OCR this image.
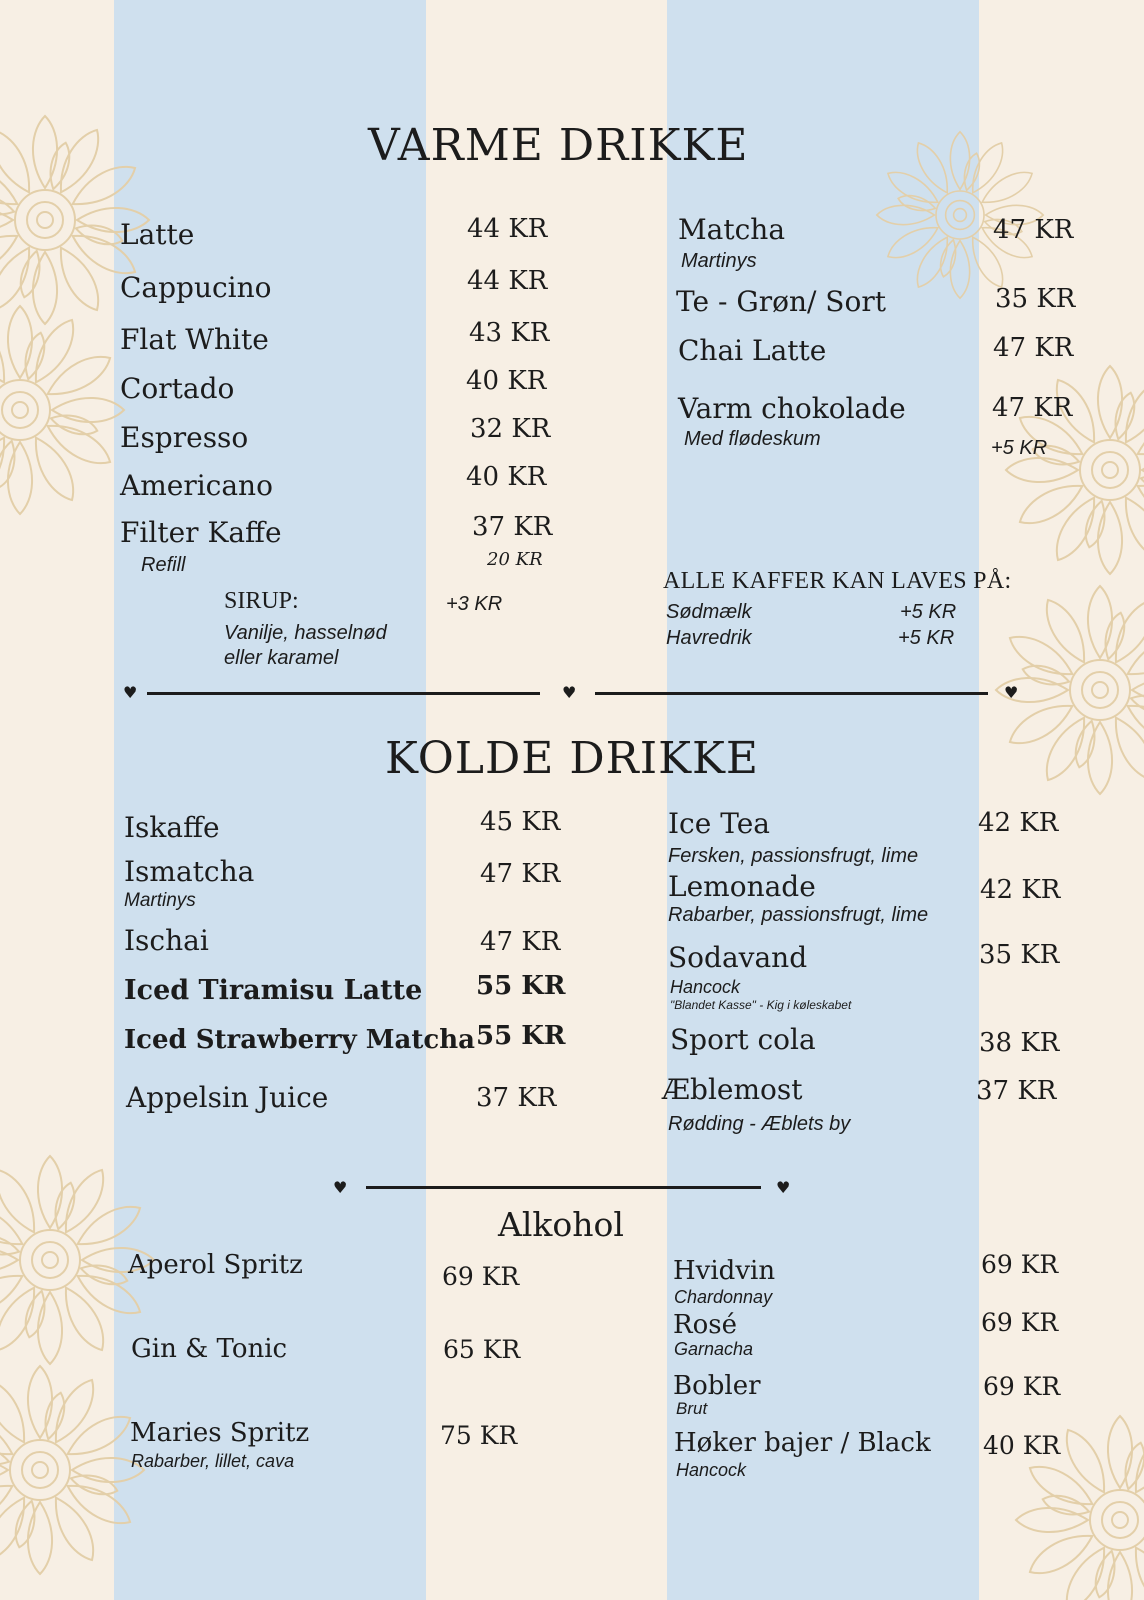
VARME DRIKKE
Latte	44 KR
Cappucino	44 KR
Flat White	43 KR
Cortado	40 KR
Espresso	32 KR
Americano	40 KR
Filter Kaffe	37 KR
Refill	20 KR
SIRUP:	+3 KR
Vanilje, hasselnød
eller karamel
Matcha	47 KR
Martinys
Te - Grøn/ Sort	35 KR
Chai Latte	47 KR
Varm chokolade	47 KR
Med flødeskum	+5 KR
ALLE KAFFER KAN LAVES PÅ:
Sødmælk	+5 KR
Havredrik	+5 KR
♥	♥	♥
KOLDE DRIKKE
Iskaffe	45 KR
Ismatcha	47 KR
Martinys
Ischai	47 KR
Iced Tiramisu Latte 55 KR
Iced Strawberry Matcha 55 KR
Appelsin Juice	37 KR
Ice Tea	42 KR
Fersken, passionsfrugt, lime
Lemonade	42 KR
Rabarber, passionsfrugt, lime
Sodavand	35 KR
Hancock
"Blandet Kasse" - Kig i køleskabet
Sport cola	38 KR
Æblemost	37 KR
Rødding - Æblets by
♥	♥
Alkohol
Aperol Spritz	69 KR
Gin & Tonic	65 KR
Maries Spritz	75 KR
Rabarber, lillet, cava
Hvidvin	69 KR
Chardonnay
Rosé	69 KR
Garnacha
Bobler	69 KR
Brut
Høker bajer / Black 40 KR
Hancock
